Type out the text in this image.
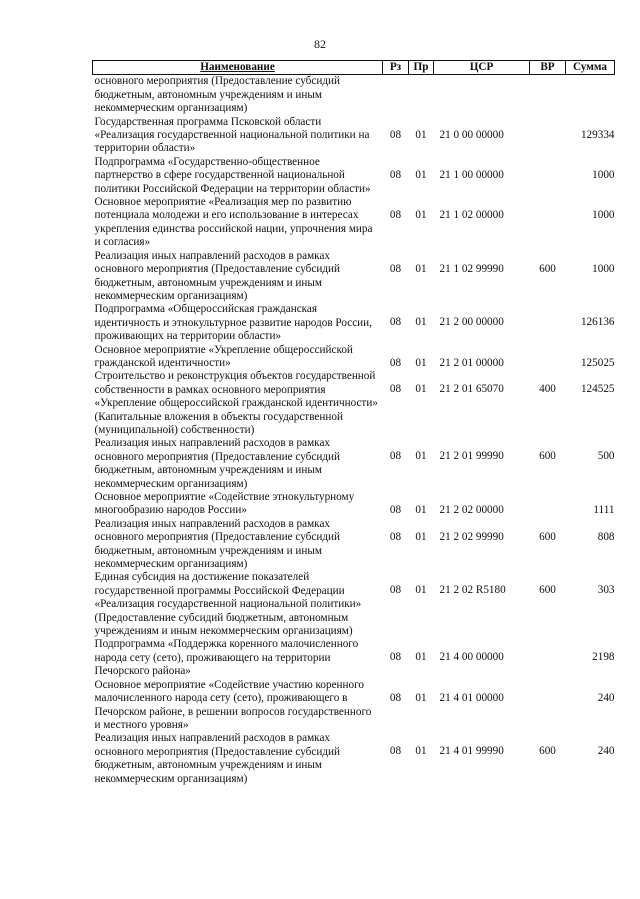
82
Наименование	Рз	Пр	ЦСР	ВР	Сумма
основного мероприятия (Предоставление субсидий бюджетным, автономным учреждениям и иным некоммерческим организациям)					
Государственная программа Псковской области «Реализация государственной национальной политики на территории области»	08	01	21 0 00 00000		129334
Подпрограмма «Государственно-общественное партнерство в сфере государственной национальной политики Российской Федерации на территории области»	08	01	21 1 00 00000		1000
Основное мероприятие «Реализация мер по развитию потенциала молодежи и его использование в интересах укрепления единства российской нации, упрочнения мира и согласия»	08	01	21 1 02 00000		1000
Реализация иных направлений расходов в рамках основного мероприятия (Предоставление субсидий бюджетным, автономным учреждениям и иным некоммерческим организациям)	08	01	21 1 02 99990	600	1000
Подпрограмма «Общероссийская гражданская идентичность и этнокультурное развитие народов России, проживающих на территории области»	08	01	21 2 00 00000		126136
Основное мероприятие «Укрепление общероссийской гражданской идентичности»	08	01	21 2 01 00000		125025
Строительство и реконструкция объектов государственной собственности в рамках основного мероприятия «Укрепление общероссийской гражданской идентичности» (Капитальные вложения в объекты государственной (муниципальной) собственности)	08	01	21 2 01 65070	400	124525
Реализация иных направлений расходов в рамках основного мероприятия (Предоставление субсидий бюджетным, автономным учреждениям и иным некоммерческим организациям)	08	01	21 2 01 99990	600	500
Основное мероприятие «Содействие этнокультурному многообразию народов России»	08	01	21 2 02 00000		1111
Реализация иных направлений расходов в рамках основного мероприятия (Предоставление субсидий бюджетным, автономным учреждениям и иным некоммерческим организациям)	08	01	21 2 02 99990	600	808
Единая субсидия на достижение показателей государственной программы Российской Федерации «Реализация государственной национальной политики» (Предоставление субсидий бюджетным, автономным учреждениям и иным некоммерческим организациям)	08	01	21 2 02 R5180	600	303
Подпрограмма «Поддержка коренного малочисленного народа сету (сето), проживающего на территории Печорского района»	08	01	21 4 00 00000		2198
Основное мероприятие «Содействие участию коренного малочисленного народа сету (сето), проживающего в Печорском районе, в решении вопросов государственного и местного уровня»	08	01	21 4 01 00000		240
Реализация иных направлений расходов в рамках основного мероприятия (Предоставление субсидий бюджетным, автономным учреждениям и иным некоммерческим организациям)	08	01	21 4 01 99990	600	240
